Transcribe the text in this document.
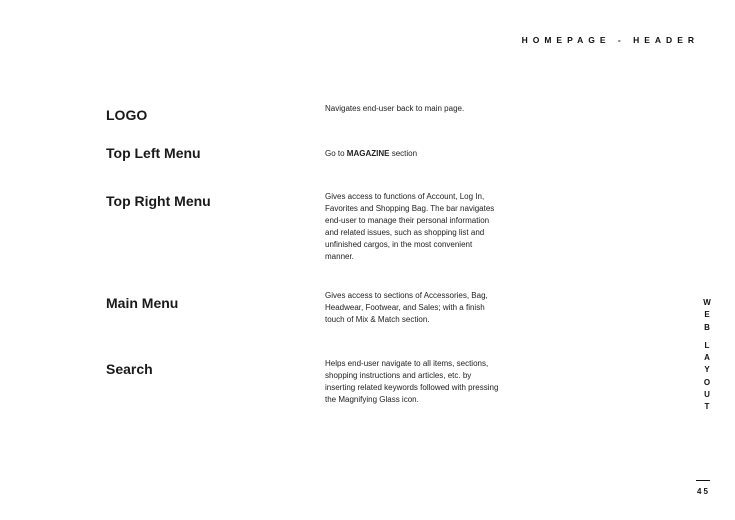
HOMEPAGE - HEADER
LOGO	Navigates end-user back to main page.
Top Left Menu	Go to MAGAZINE section
Top Right Menu	Gives access to functions of Account, Log In, Favorites and Shopping Bag. The bar navigates end-user to manage their personal information and related issues, such as shopping list and unfinished cargos, in the most convenient manner.
Main Menu	Gives access to sections of Accessories, Bag, Headwear, Footwear, and Sales; with a finish touch of Mix & Match section.
Search	Helps end-user navigate to all items, sections, shopping instructions and articles, etc. by inserting related keywords followed with pressing the Magnifying Glass icon.
W
E
B
L
A
Y
O
U
T
45
